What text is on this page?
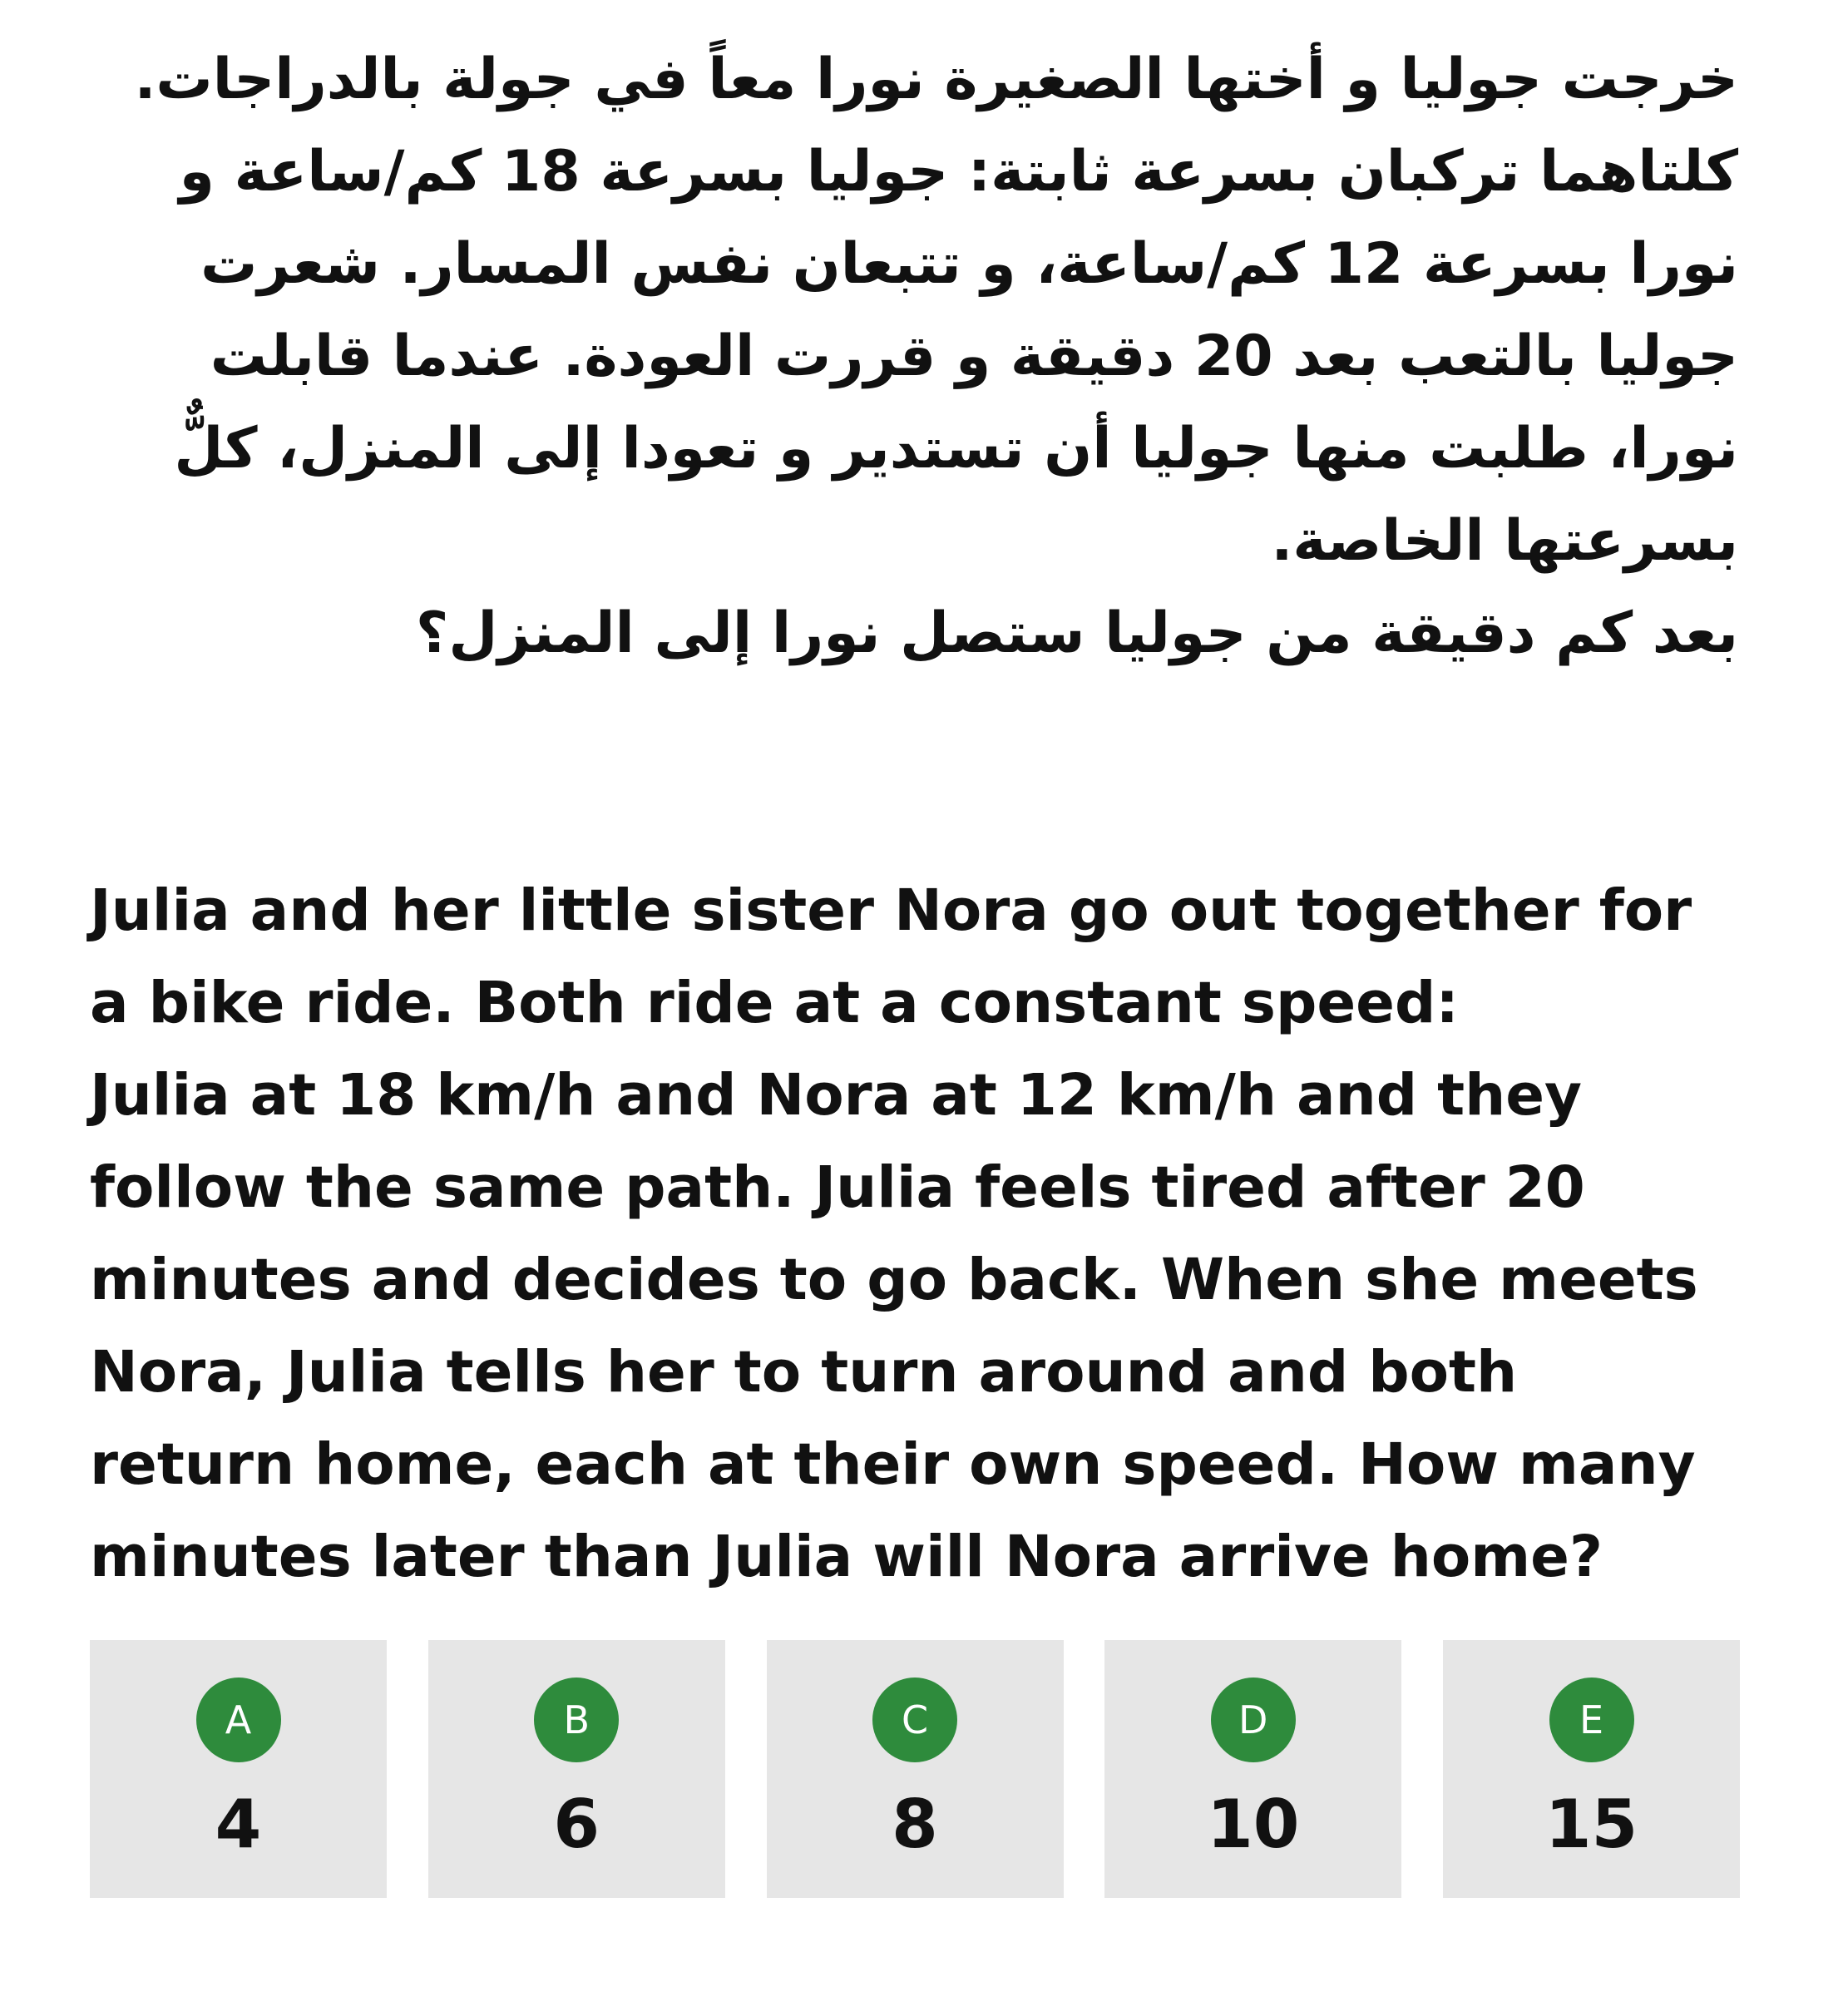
خرجت جوليا و أختها الصغيرة نورا معاً في جولة بالدراجات. كلتاهما تركبان بسرعة ثابتة: جوليا بسرعة 18 كم/ساعة و نورا بسرعة 12 كم/ساعة، و تتبعان نفس المسار. شعرت جوليا بالتعب بعد 20 دقيقة و قررت العودة. عندما قابلت نورا، طلبت منها جوليا أن تستدير و تعودا إلى المنزل، كلٌّ بسرعتها الخاصة.

بعد كم دقيقة من جوليا ستصل نورا إلى المنزل؟

Julia and her little sister Nora go out together for
a bike ride. Both ride at a constant speed:
Julia at 18 km/h and Nora at 12 km/h and they
follow the same path. Julia feels tired after 20
minutes and decides to go back. When she meets
Nora, Julia tells her to turn around and both
return home, each at their own speed. How many
minutes later than Julia will Nora arrive home?
A
4
B
6
C
8
D
10
E
15
